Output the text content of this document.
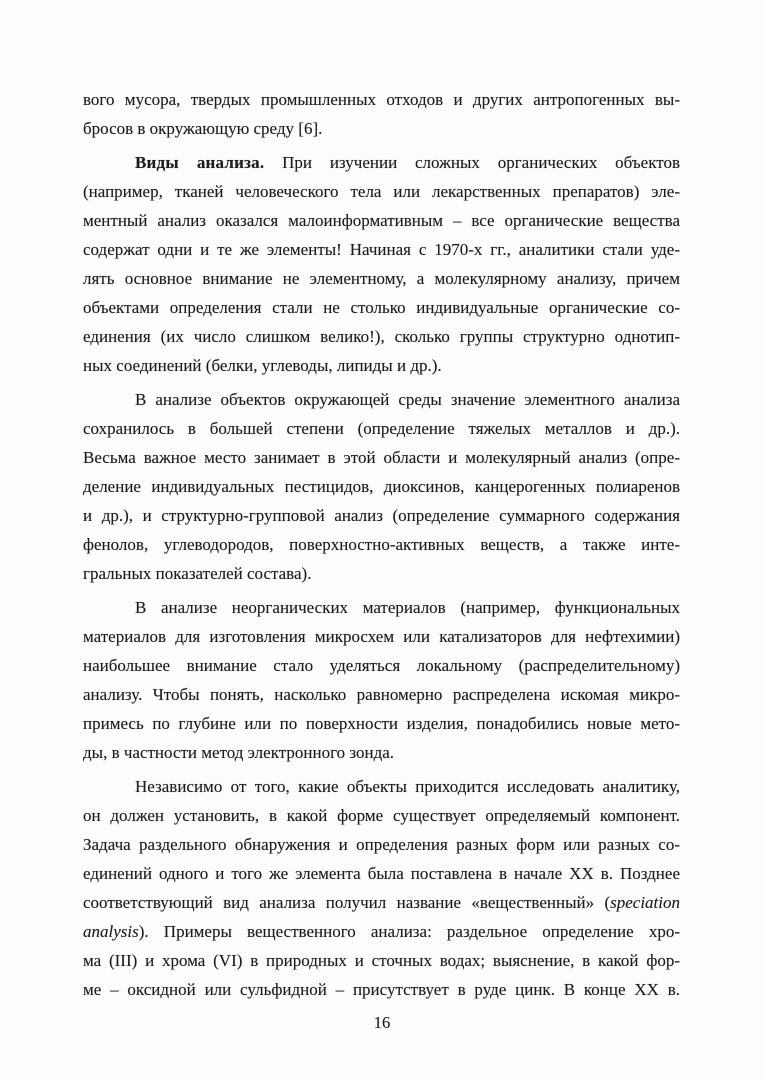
вого мусора, твердых промышленных отходов и других антропогенных вы-
бросов в окружающую среду [6].
Виды анализа. При изучении сложных органических объектов
(например, тканей человеческого тела или лекарственных препаратов) эле-
ментный анализ оказался малоинформативным – все органические вещества
содержат одни и те же элементы! Начиная с 1970-х гг., аналитики стали уде-
лять основное внимание не элементному, а молекулярному анализу, причем
объектами определения стали не столько индивидуальные органические со-
единения (их число слишком велико!), сколько группы структурно однотип-
ных соединений (белки, углеводы, липиды и др.).
В анализе объектов окружающей среды значение элементного анализа
сохранилось в большей степени (определение тяжелых металлов и др.).
Весьма важное место занимает в этой области и молекулярный анализ (опре-
деление индивидуальных пестицидов, диоксинов, канцерогенных полиаренов
и др.), и структурно-групповой анализ (определение суммарного содержания
фенолов, углеводородов, поверхностно-активных веществ, а также инте-
гральных показателей состава).
В анализе неорганических материалов (например, функциональных
материалов для изготовления микросхем или катализаторов для нефтехимии)
наибольшее внимание стало уделяться локальному (распределительному)
анализу. Чтобы понять, насколько равномерно распределена искомая микро-
примесь по глубине или по поверхности изделия, понадобились новые мето-
ды, в частности метод электронного зонда.
Независимо от того, какие объекты приходится исследовать аналитику,
он должен установить, в какой форме существует определяемый компонент.
Задача раздельного обнаружения и определения разных форм или разных со-
единений одного и того же элемента была поставлена в начале XX в. Позднее
соответствующий вид анализа получил название «вещественный» (speciation
analysis). Примеры вещественного анализа: раздельное определение хро-
ма (III) и хрома (VI) в природных и сточных водах; выяснение, в какой фор-
ме – оксидной или сульфидной – присутствует в руде цинк. В конце XX в.
16
